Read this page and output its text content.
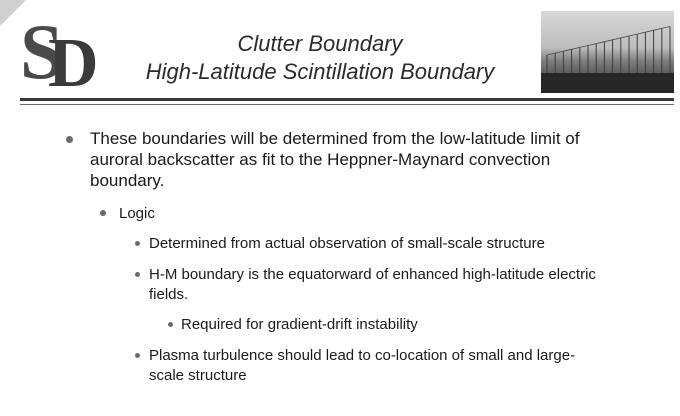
S
D	Clutter Boundary
High-Latitude Scintillation Boundary
These boundaries will be determined from the low-latitude limit of auroral backscatter as fit to the Heppner-Maynard convection boundary.
Logic
Determined from actual observation of small-scale structure
H-M boundary is the equatorward of enhanced high-latitude electric fields.
Required for gradient-drift instability
Plasma turbulence should lead to co-location of small and large-scale structure
